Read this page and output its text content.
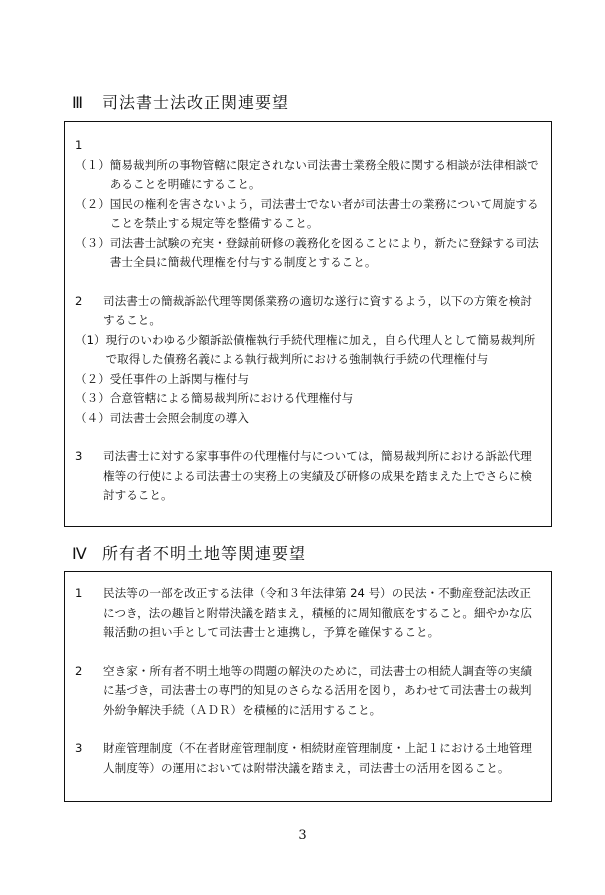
Ⅲ 司法書士法改正関連要望

1

（１） 簡易裁判所の事物管轄に限定されない司法書士業務全般に関する相談が法律相談であることを明確にすること。
（２） 国民の権利を害さないよう，司法書士でない者が司法書士の業務について周旋することを禁止する規定等を整備すること。
（３） 司法書士試験の充実・登録前研修の義務化を図ることにより，新たに登録する司法書士全員に簡裁代理権を付与する制度とすること。
2	司法書士の簡裁訴訟代理等関係業務の適切な遂行に資するよう，以下の方策を検討すること。
（1） 現行のいわゆる少額訴訟債権執行手続代理権に加え，自ら代理人として簡易裁判所で取得した債務名義による執行裁判所における強制執行手続の代理権付与
（２） 受任事件の上訴関与権付与
（３） 合意管轄による簡易裁判所における代理権付与
（４） 司法書士会照会制度の導入
3	司法書士に対する家事事件の代理権付与については，簡易裁判所における訴訟代理権等の行使による司法書士の実務上の実績及び研修の成果を踏まえた上でさらに検討すること。
Ⅳ 所有者不明土地等関連要望
1	民法等の一部を改正する法律（令和３年法律第 24 号）の民法・不動産登記法改正につき，法の趣旨と附帯決議を踏まえ，積極的に周知徹底をすること。細やかな広報活動の担い手として司法書士と連携し，予算を確保すること。
2	空き家・所有者不明土地等の問題の解決のために，司法書士の相続人調査等の実績に基づき，司法書士の専門的知見のさらなる活用を図り，あわせて司法書士の裁判外紛争解決手続（ＡＤＲ）を積極的に活用すること。
3	財産管理制度（不在者財産管理制度・相続財産管理制度・上記１における土地管理人制度等）の運用においては附帯決議を踏まえ，司法書士の活用を図ること。
3
